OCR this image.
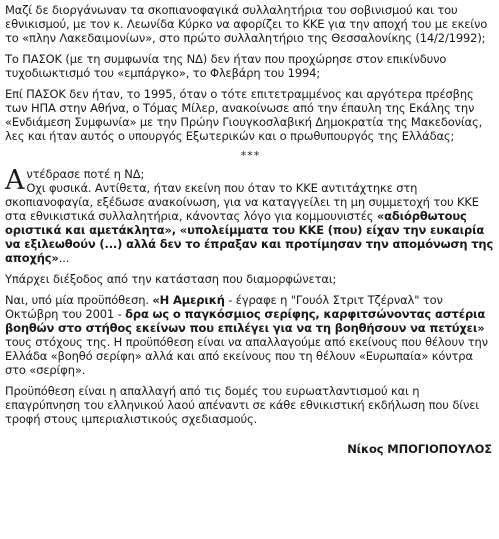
Μαζί δε διοργάνωναν τα σκοπιανοφαγικά συλλαλητήρια του σοβινισμού και του εθνικισμού, με τον κ. Λεωνίδα Κύρκο να αφορίζει το ΚΚΕ για την αποχή του με εκείνο το «πλην Λακεδαιμονίων», στο πρώτο συλλαλητήριο της Θεσσαλονίκης (14/2/1992);

Το ΠΑΣΟΚ (με τη συμφωνία της ΝΔ) δεν ήταν που προχώρησε στον επικίνδυνο τυχοδιωκτισμό του «εμπάργκο», το Φλεβάρη του 1994;

Επί ΠΑΣΟΚ δεν ήταν, το 1995, όταν ο τότε επιτετραμμένος και αργότερα πρέσβης των ΗΠΑ στην Αθήνα, ο Τόμας Μίλερ, ανακοίνωσε από την έπαυλη της Εκάλης την «Ενδιάμεση Συμφωνία» με την Πρώην Γιουγκοσλαβική Δημοκρατία της Μακεδονίας, λες και ήταν αυτός ο υπουργός Εξωτερικών και ο πρωθυπουργός της Ελλάδας;

***

Αντέδρασε ποτέ η ΝΔ;
Οχι φυσικά. Αντίθετα, ήταν εκείνη που όταν το ΚΚΕ αντιτάχτηκε στη σκοπιανοφαγία, εξέδωσε ανακοίνωση, για να καταγγείλει τη μη συμμετοχή του ΚΚΕ στα εθνικιστικά συλλαλητήρια, κάνοντας λόγο για κομμουνιστές «αδιόρθωτους οριστικά και αμετάκλητα», «υπολείμματα του ΚΚΕ (που) είχαν την ευκαιρία να εξιλεωθούν (...) αλλά δεν το έπραξαν και προτίμησαν την απομόνωση της αποχής»...

Υπάρχει διέξοδος από την κατάσταση που διαμορφώνεται;

Ναι, υπό μία προϋπόθεση. «Η Αμερική - έγραφε η "Γουόλ Στριτ Τζέρναλ" τον Οκτώβρη του 2001 - δρα ως ο παγκόσμιος σερίφης, καρφιτσώνοντας αστέρια βοηθών στο στήθος εκείνων που επιλέγει για να τη βοηθήσουν να πετύχει» τους στόχους της. Η προϋπόθεση είναι να απαλλαγούμε από εκείνους που θέλουν την Ελλάδα «βοηθό σερίφη» αλλά και από εκείνους που τη θέλουν «Ευρωπαία» κόντρα στο «σερίφη».

Προϋπόθεση είναι η απαλλαγή από τις δομές του ευρωατλαντισμού και η επαγρύπνηση του ελληνικού λαού απέναντι σε κάθε εθνικιστική εκδήλωση που δίνει τροφή στους ιμπεριαλιστικούς σχεδιασμούς.

Νίκος ΜΠΟΓΙΟΠΟΥΛΟΣ
